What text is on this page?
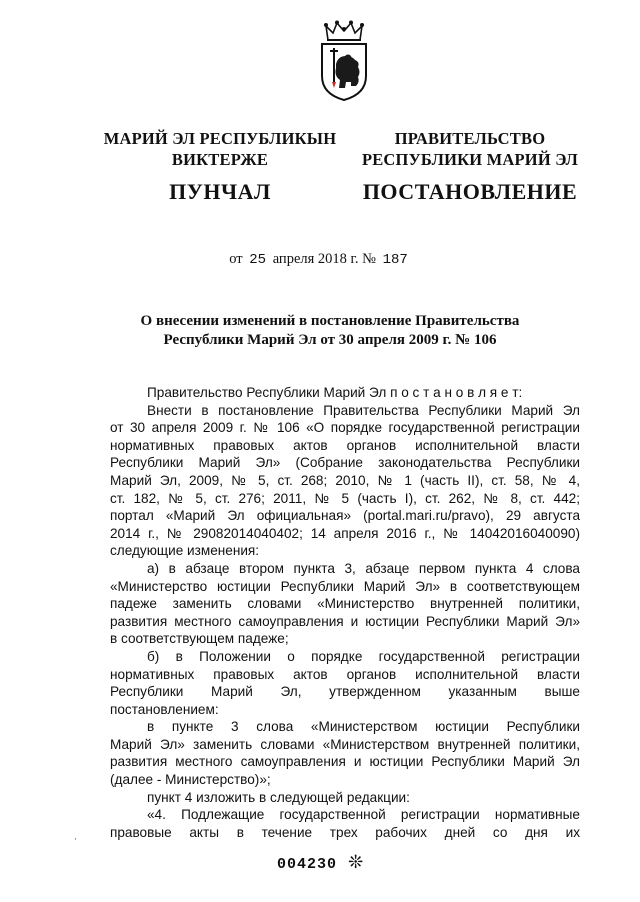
МАРИЙ ЭЛ РЕСПУБЛИКЫН
ВИКТЕРЖЕ
ПУНЧАЛ
ПРАВИТЕЛЬСТВО
РЕСПУБЛИКИ МАРИЙ ЭЛ
ПОСТАНОВЛЕНИЕ
от 25 апреля 2018 г. № 187
О внесении изменений в постановление Правительства
Республики Марий Эл от 30 апреля 2009 г. № 106
Правительство Республики Марий Эл п о с т а н о в л я е т:
Внести в постановление Правительства Республики Марий Эл
от 30 апреля 2009 г. № 106 «О порядке государственной регистрации
нормативных правовых актов органов исполнительной власти
Республики Марий Эл» (Собрание законодательства Республики
Марий Эл, 2009, № 5, ст. 268; 2010, № 1 (часть II), ст. 58, № 4,
ст. 182, № 5, ст. 276; 2011, № 5 (часть I), ст. 262, № 8, ст. 442;
портал «Марий Эл официальная» (portal.mari.ru/pravo), 29 августа
2014 г., № 29082014040402; 14 апреля 2016 г., № 14042016040090)
следующие изменения:
а) в абзаце втором пункта 3, абзаце первом пункта 4 слова
«Министерство юстиции Республики Марий Эл» в соответствующем
падеже заменить словами «Министерство внутренней политики,
развития местного самоуправления и юстиции Республики Марий Эл»
в соответствующем падеже;
б) в Положении о порядке государственной регистрации
нормативных правовых актов органов исполнительной власти
Республики Марий Эл, утвержденном указанным выше
постановлением:
в пункте 3 слова «Министерством юстиции Республики
Марий Эл» заменить словами «Министерством внутренней политики,
развития местного самоуправления и юстиции Республики Марий Эл
(далее - Министерство)»;
пункт 4 изложить в следующей редакции:
«4. Подлежащие государственной регистрации нормативные
правовые акты в течение трех рабочих дней со дня их
·
004230 ❊
